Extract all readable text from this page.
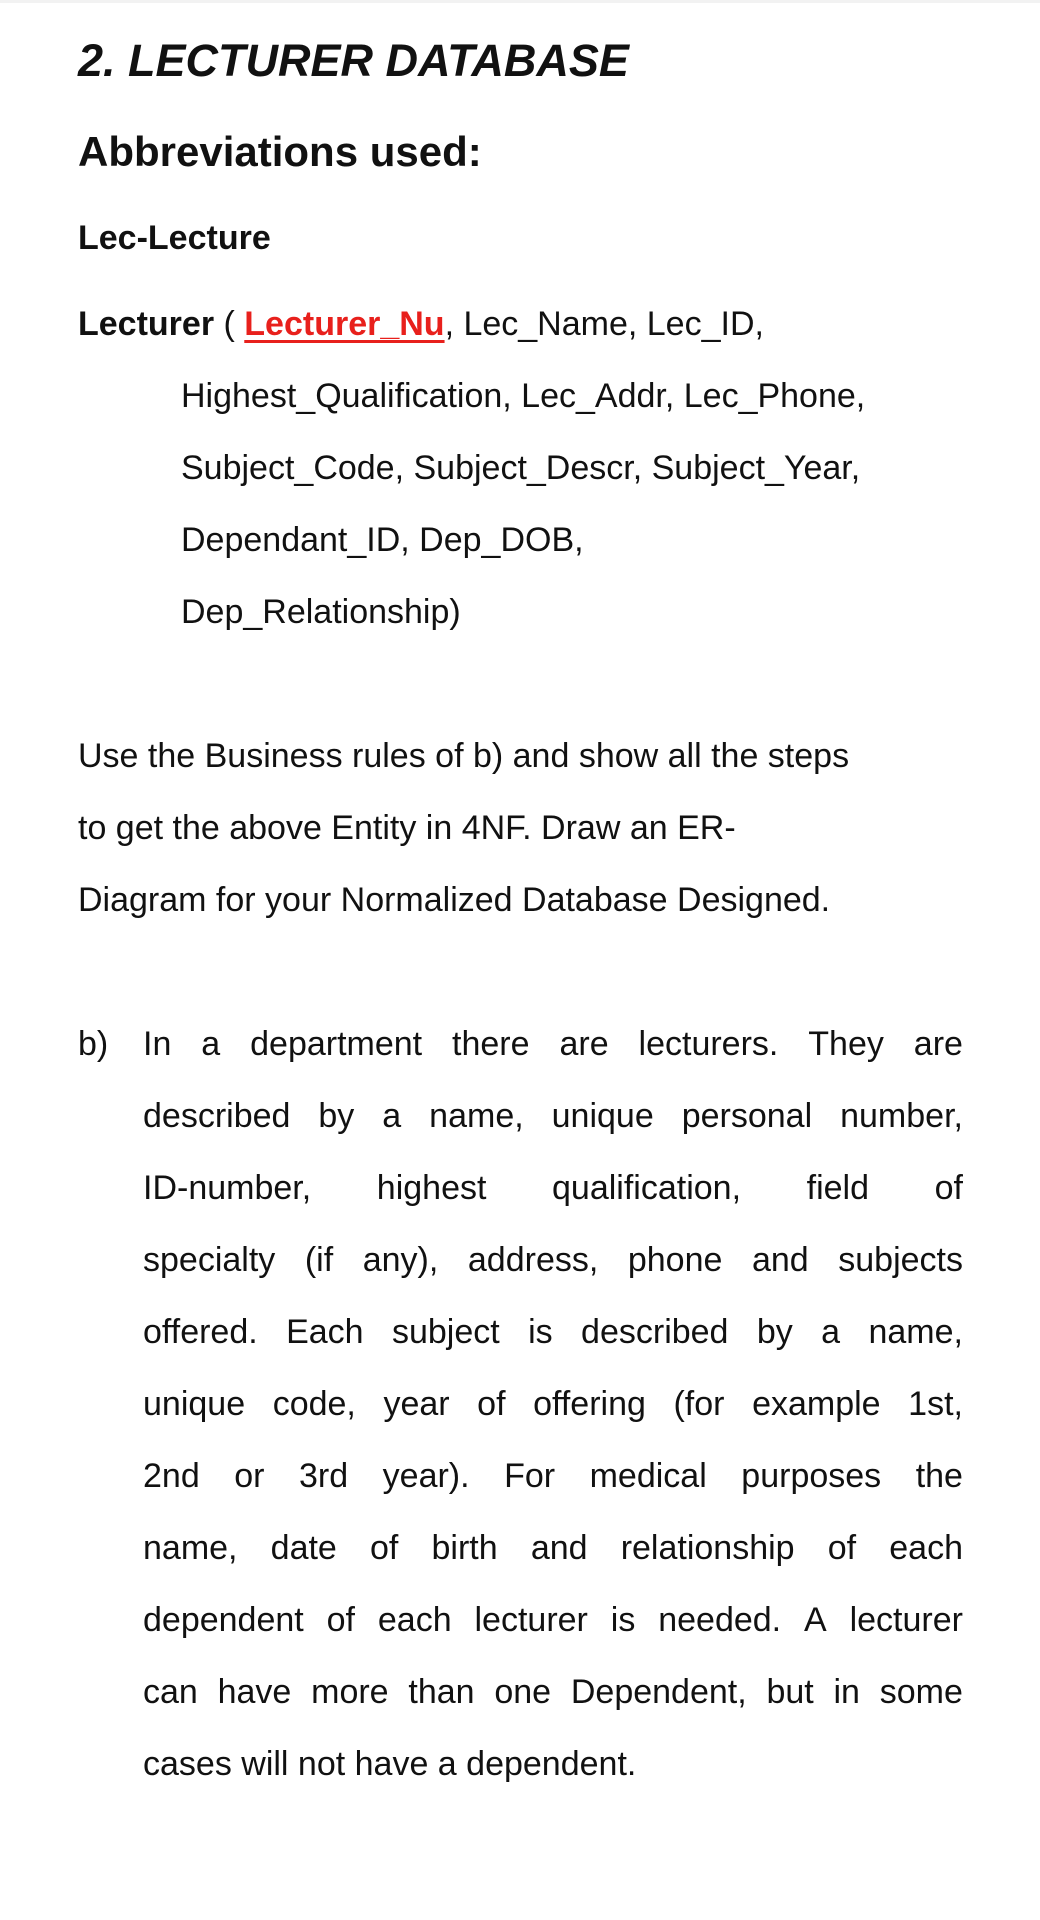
2. LECTURER DATABASE
Abbreviations used:
Lec-Lecture
Lecturer ( Lecturer_Nu, Lec_Name, Lec_ID,
Highest_Qualification, Lec_Addr, Lec_Phone,
Subject_Code, Subject_Descr, Subject_Year,
Dependant_ID, Dep_DOB,
Dep_Relationship)
Use the Business rules of b) and show all the steps
to get the above Entity in 4NF. Draw an ER-
Diagram for your Normalized Database Designed.
b) In a department there are lecturers. They are
described by a name, unique personal number,
ID-number, highest qualification, field of
specialty (if any), address, phone and subjects
offered. Each subject is described by a name,
unique code, year of offering (for example 1st,
2nd or 3rd year). For medical purposes the
name, date of birth and relationship of each
dependent of each lecturer is needed. A lecturer
can have more than one Dependent, but in some
cases will not have a dependent.
